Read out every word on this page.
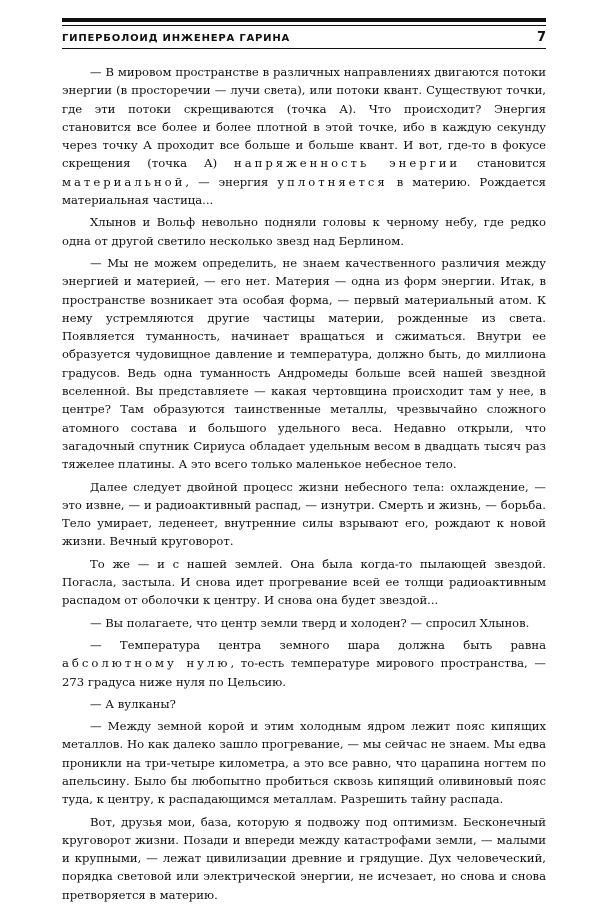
ГИПЕРБОЛОИД ИНЖЕНЕРА ГАРИНА	7

— В мировом пространстве в различных направлениях двигаются потоки энергии (в просторечии — лучи света), или потоки квант. Существуют точки, где эти потоки скрещиваются (точка А). Что происходит? Энергия становится все более и более плотной в этой точке, ибо в каждую секунду через точку А проходит все больше и больше квант. И вот, где-то в фокусе скрещения (точка А) напряженность энергии становится материальной, — энергия уплотняется в материю. Рождается материальная частица...

Хлынов и Вольф невольно подняли головы к черному небу, где редко одна от другой светило несколько звезд над Берлином.

— Мы не можем определить, не знаем качественного различия между энергией и материей, — его нет. Материя — одна из форм энергии. Итак, в пространстве возникает эта особая форма, — первый материальный атом. К нему устремляются другие частицы материи, рожденные из света. Появляется туманность, начинает вращаться и сжиматься. Внутри ее образуется чудовищное давление и температура, должно быть, до миллиона градусов. Ведь одна туманность Андромеды больше всей нашей звездной вселенной. Вы представляете — какая чертовщина происходит там у нее, в центре? Там образуются таинственные металлы, чрезвычайно сложного атомного состава и большого удельного веса. Недавно открыли, что загадочный спутник Сириуса обладает удельным весом в двадцать тысяч раз тяжелее платины. А это всего только маленькое небесное тело.

Далее следует двойной процесс жизни небесного тела: охлаждение, — это извне, — и радиоактивный распад, — изнутри. Смерть и жизнь, — борьба. Тело умирает, леденеет, внутренние силы взрывают его, рождают к новой жизни. Вечный круговорот.

То же — и с нашей землей. Она была когда-то пылающей звездой. Погасла, застыла. И снова идет прогревание всей ее толщи радиоактивным распадом от оболочки к центру. И снова она будет звездой...

— Вы полагаете, что центр земли тверд и холоден? — спросил Хлынов.

— Температура центра земного шара должна быть равна абсолютному нулю, то-есть температуре мирового пространства, — 273 градуса ниже нуля по Цельсию.

— А вулканы?

— Между земной корой и этим холодным ядром лежит пояс кипящих металлов. Но как далеко зашло прогревание, — мы сейчас не знаем. Мы едва проникли на три-четыре километра, а это все равно, что царапина ногтем по апельсину. Было бы любопытно пробиться сквозь кипящий оливиновый пояс туда, к центру, к распадающимся металлам. Разрешить тайну распада.

Вот, друзья мои, база, которую я подвожу под оптимизм. Бесконечный круговорот жизни. Позади и впереди между катастрофами земли, — малыми и крупными, — лежат цивилизации древние и грядущие. Дух человеческий, порядка световой или электрической энергии, не исчезает, но снова и снова претворяется в материю.
